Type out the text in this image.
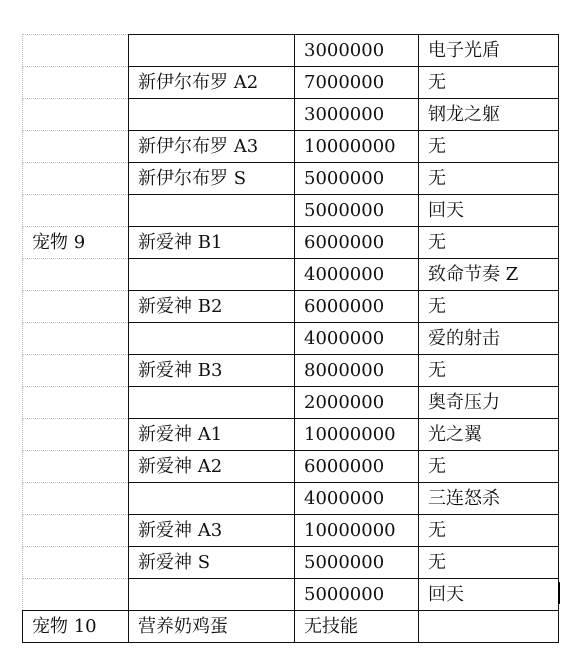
		3000000	电子光盾
	新伊尔布罗 A2	7000000	无
		3000000	钢龙之躯
	新伊尔布罗 A3	10000000	无
	新伊尔布罗 S	5000000	无
		5000000	回天
宠物 9	新爱神 B1	6000000	无
		4000000	致命节奏 Z
	新爱神 B2	6000000	无
		4000000	爱的射击
	新爱神 B3	8000000	无
		2000000	奥奇压力
	新爱神 A1	10000000	光之翼
	新爱神 A2	6000000	无
		4000000	三连怒杀
	新爱神 A3	10000000	无
	新爱神 S	5000000	无
		5000000	回天
宠物 10	营养奶鸡蛋	无技能	
